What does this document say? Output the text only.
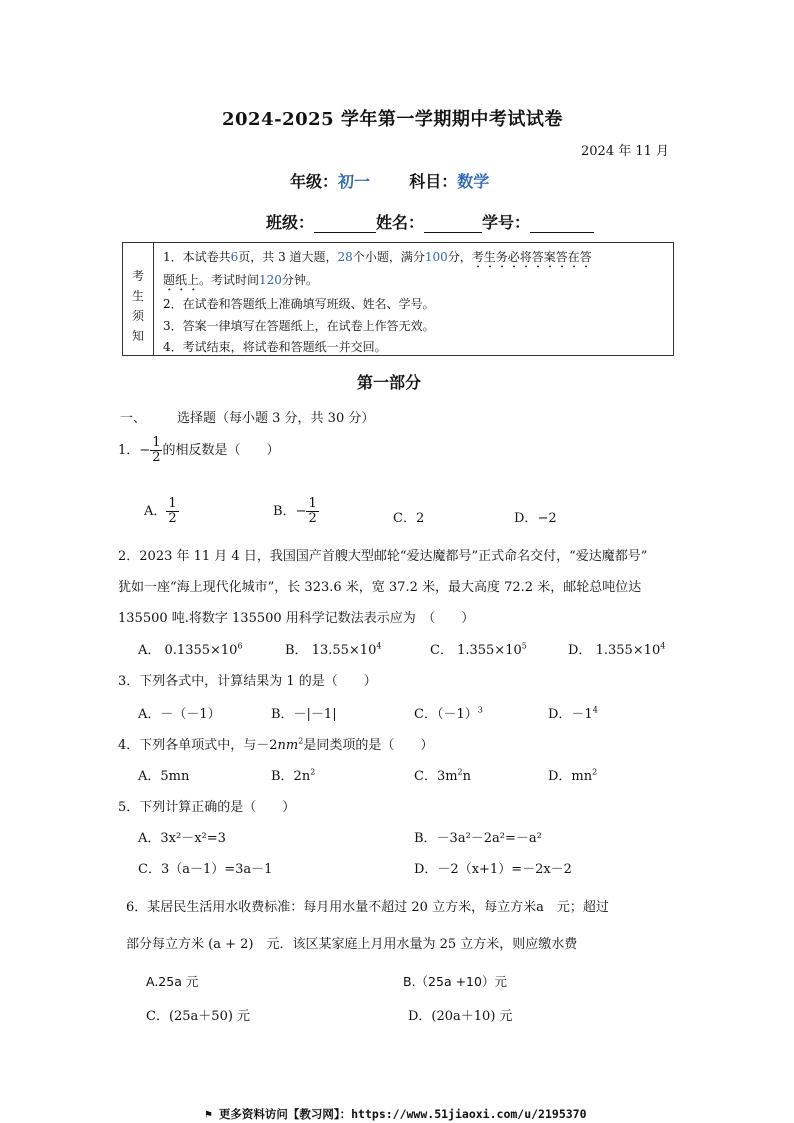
2024-2025 学年第一学期期中考试试卷
2024 年 11 月
年级：初一 科目：数学
班级：	姓名：	学号：
考
生
须
知
1．本试卷共6页，共 3 道大题，28个小题，满分100分，考生务必将答案答在答
题纸上。考试时间120分钟。
2．在试卷和答题纸上准确填写班级、姓名、学号。
3．答案一律填写在答题纸上，在试卷上作答无效。
4．考试结束，将试卷和答题纸一并交回。
第一部分
一、 选择题（每小题 3 分，共 30 分）
1．− $\frac{1}{2}$ 的相反数是（　　）
A． $\frac{1}{2}$	B．− $\frac{1}{2}$	C．2	D．−2
2．2023 年 11 月 4 日，我国国产首艘大型邮轮“爱达魔都号”正式命名交付，“爱达魔都号”
犹如一座“海上现代化城市”，长 323.6 米，宽 37.2 米，最大高度 72.2 米，邮轮总吨位达
135500 吨.将数字 135500 用科学记数法表示应为　（　　）
A． $0.1355\times 10^6$	B． $13.55\times 10^4$	C． $1.355\times 10^5$	D． $1.355\times 10^4$
3．下列各式中，计算结果为 1 的是（　　）
A．－（－1）	B．－|－1|	C．$(-1)^3$	D．$-1^4$
4．下列各单项式中，与$-2nm^2$是同类项的是（　　）
A．5mn	B．$2n^2$	C．$3m^2n$	D．$mn^2$
5．下列计算正确的是（　　）
A．3x²－x²=3	B．－3a²－2a²=－a²
C．3（a－1）=3a－1	D．－2（x+1）=－2x－2
6．某居民生活用水收费标准：每月用水量不超过 20 立方米，每立方米a　元；超过
部分每立方米 (a + 2)　元．该区某家庭上月用水量为 25 立方米，则应缴水费
A.25a 元	B.（25a +10）元
C．(25a＋50) 元	D．(20a＋10) 元
⚑ 更多资料访问【教习网】：https://www.51jiaoxi.com/u/2195370
